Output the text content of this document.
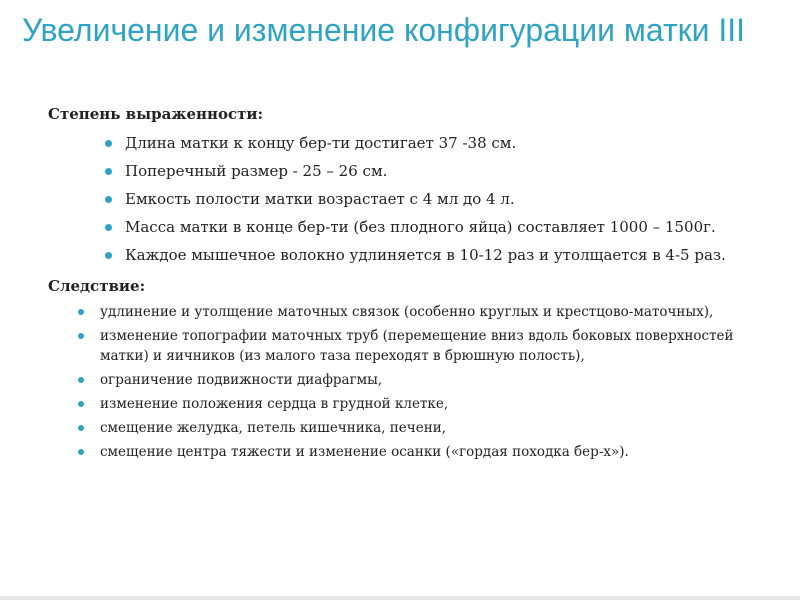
Увеличение и изменение конфигурации матки III
Степень выраженности:
Длина матки к концу бер-ти достигает 37 -38 см.
Поперечный размер - 25 – 26 см.
Емкость полости матки возрастает с 4 мл до 4 л.
Масса матки в конце бер-ти (без плодного яйца) составляет 1000 – 1500г.
Каждое мышечное волокно удлиняется в 10-12 раз и утолщается в 4-5 раз.
Следствие:
удлинение и утолщение маточных связок (особенно круглых и крестцово-маточных),
изменение топографии маточных труб (перемещение вниз вдоль боковых поверхностей матки) и яичников (из малого таза переходят в брюшную полость),
ограничение подвижности диафрагмы,
изменение положения сердца в грудной клетке,
смещение желудка, петель кишечника, печени,
смещение центра тяжести и изменение осанки («гордая походка бер-х»).
